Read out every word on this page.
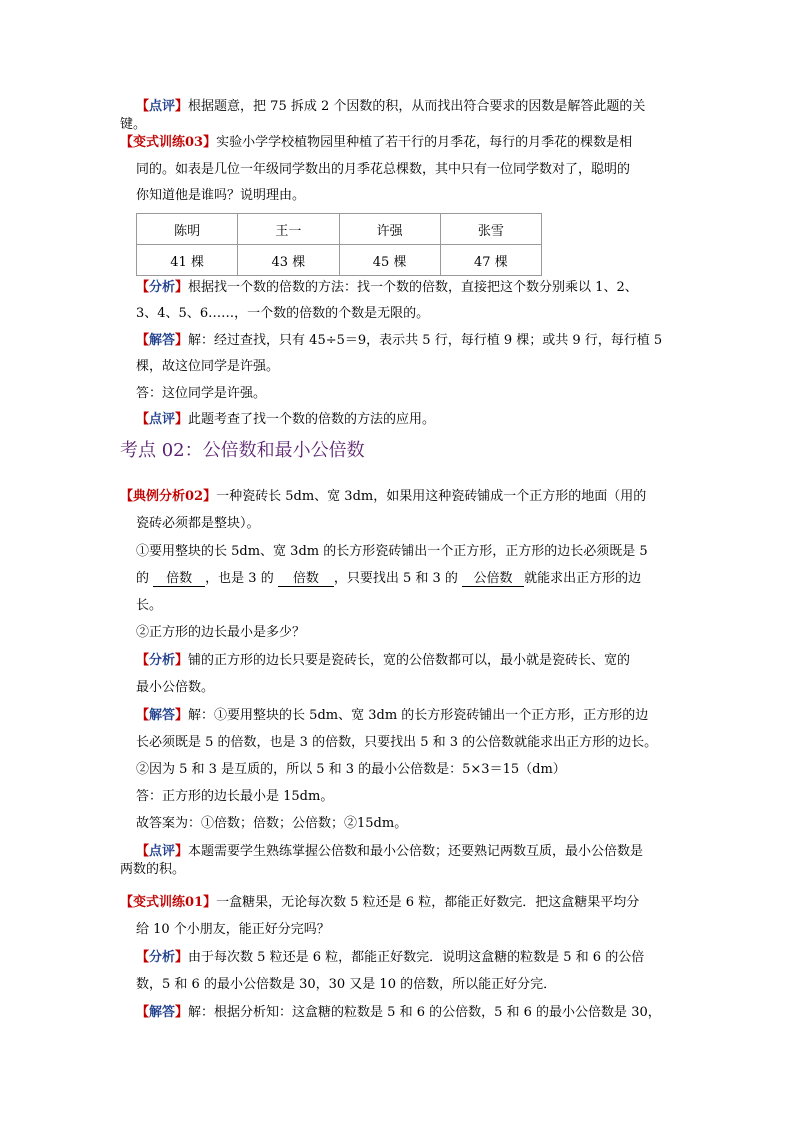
【点评】根据题意，把 75 拆成 2 个因数的积，从而找出符合要求的因数是解答此题的关
键。
【变式训练03】实验小学学校植物园里种植了若干行的月季花，每行的月季花的棵数是相
同的。如表是几位一年级同学数出的月季花总棵数，其中只有一位同学数对了，聪明的
你知道他是谁吗？说明理由。
陈明	王一	许强	张雪
41 棵	43 棵	45 棵	47 棵
【分析】根据找一个数的倍数的方法：找一个数的倍数，直接把这个数分别乘以 1、2、
3、4、5、6……，一个数的倍数的个数是无限的。
【解答】解：经过查找，只有 45÷5＝9，表示共 5 行，每行植 9 棵；或共 9 行，每行植 5
棵，故这位同学是许强。
答：这位同学是许强。
【点评】此题考查了找一个数的倍数的方法的应用。
考点 02：公倍数和最小公倍数
【典例分析02】一种瓷砖长 5dm、宽 3dm，如果用这种瓷砖铺成一个正方形的地面（用的
瓷砖必须都是整块）。
①要用整块的长 5dm、宽 3dm 的长方形瓷砖铺出一个正方形，正方形的边长必须既是 5
的 倍数 ，也是 3 的 倍数 ，只要找出 5 和 3 的 公倍数 就能求出正方形的边
长。
②正方形的边长最小是多少？
【分析】铺的正方形的边长只要是瓷砖长，宽的公倍数都可以，最小就是瓷砖长、宽的
最小公倍数。
【解答】解：①要用整块的长 5dm、宽 3dm 的长方形瓷砖铺出一个正方形，正方形的边
长必须既是 5 的倍数，也是 3 的倍数，只要找出 5 和 3 的公倍数就能求出正方形的边长。
②因为 5 和 3 是互质的，所以 5 和 3 的最小公倍数是：5×3＝15（dm）
答：正方形的边长最小是 15dm。
故答案为：①倍数；倍数；公倍数；②15dm。
【点评】本题需要学生熟练掌握公倍数和最小公倍数；还要熟记两数互质，最小公倍数是
两数的积。
【变式训练01】一盒糖果，无论每次数 5 粒还是 6 粒，都能正好数完．把这盒糖果平均分
给 10 个小朋友，能正好分完吗？
【分析】由于每次数 5 粒还是 6 粒，都能正好数完．说明这盒糖的粒数是 5 和 6 的公倍
数，5 和 6 的最小公倍数是 30，30 又是 10 的倍数，所以能正好分完．
【解答】解：根据分析知：这盒糖的粒数是 5 和 6 的公倍数，5 和 6 的最小公倍数是 30，
